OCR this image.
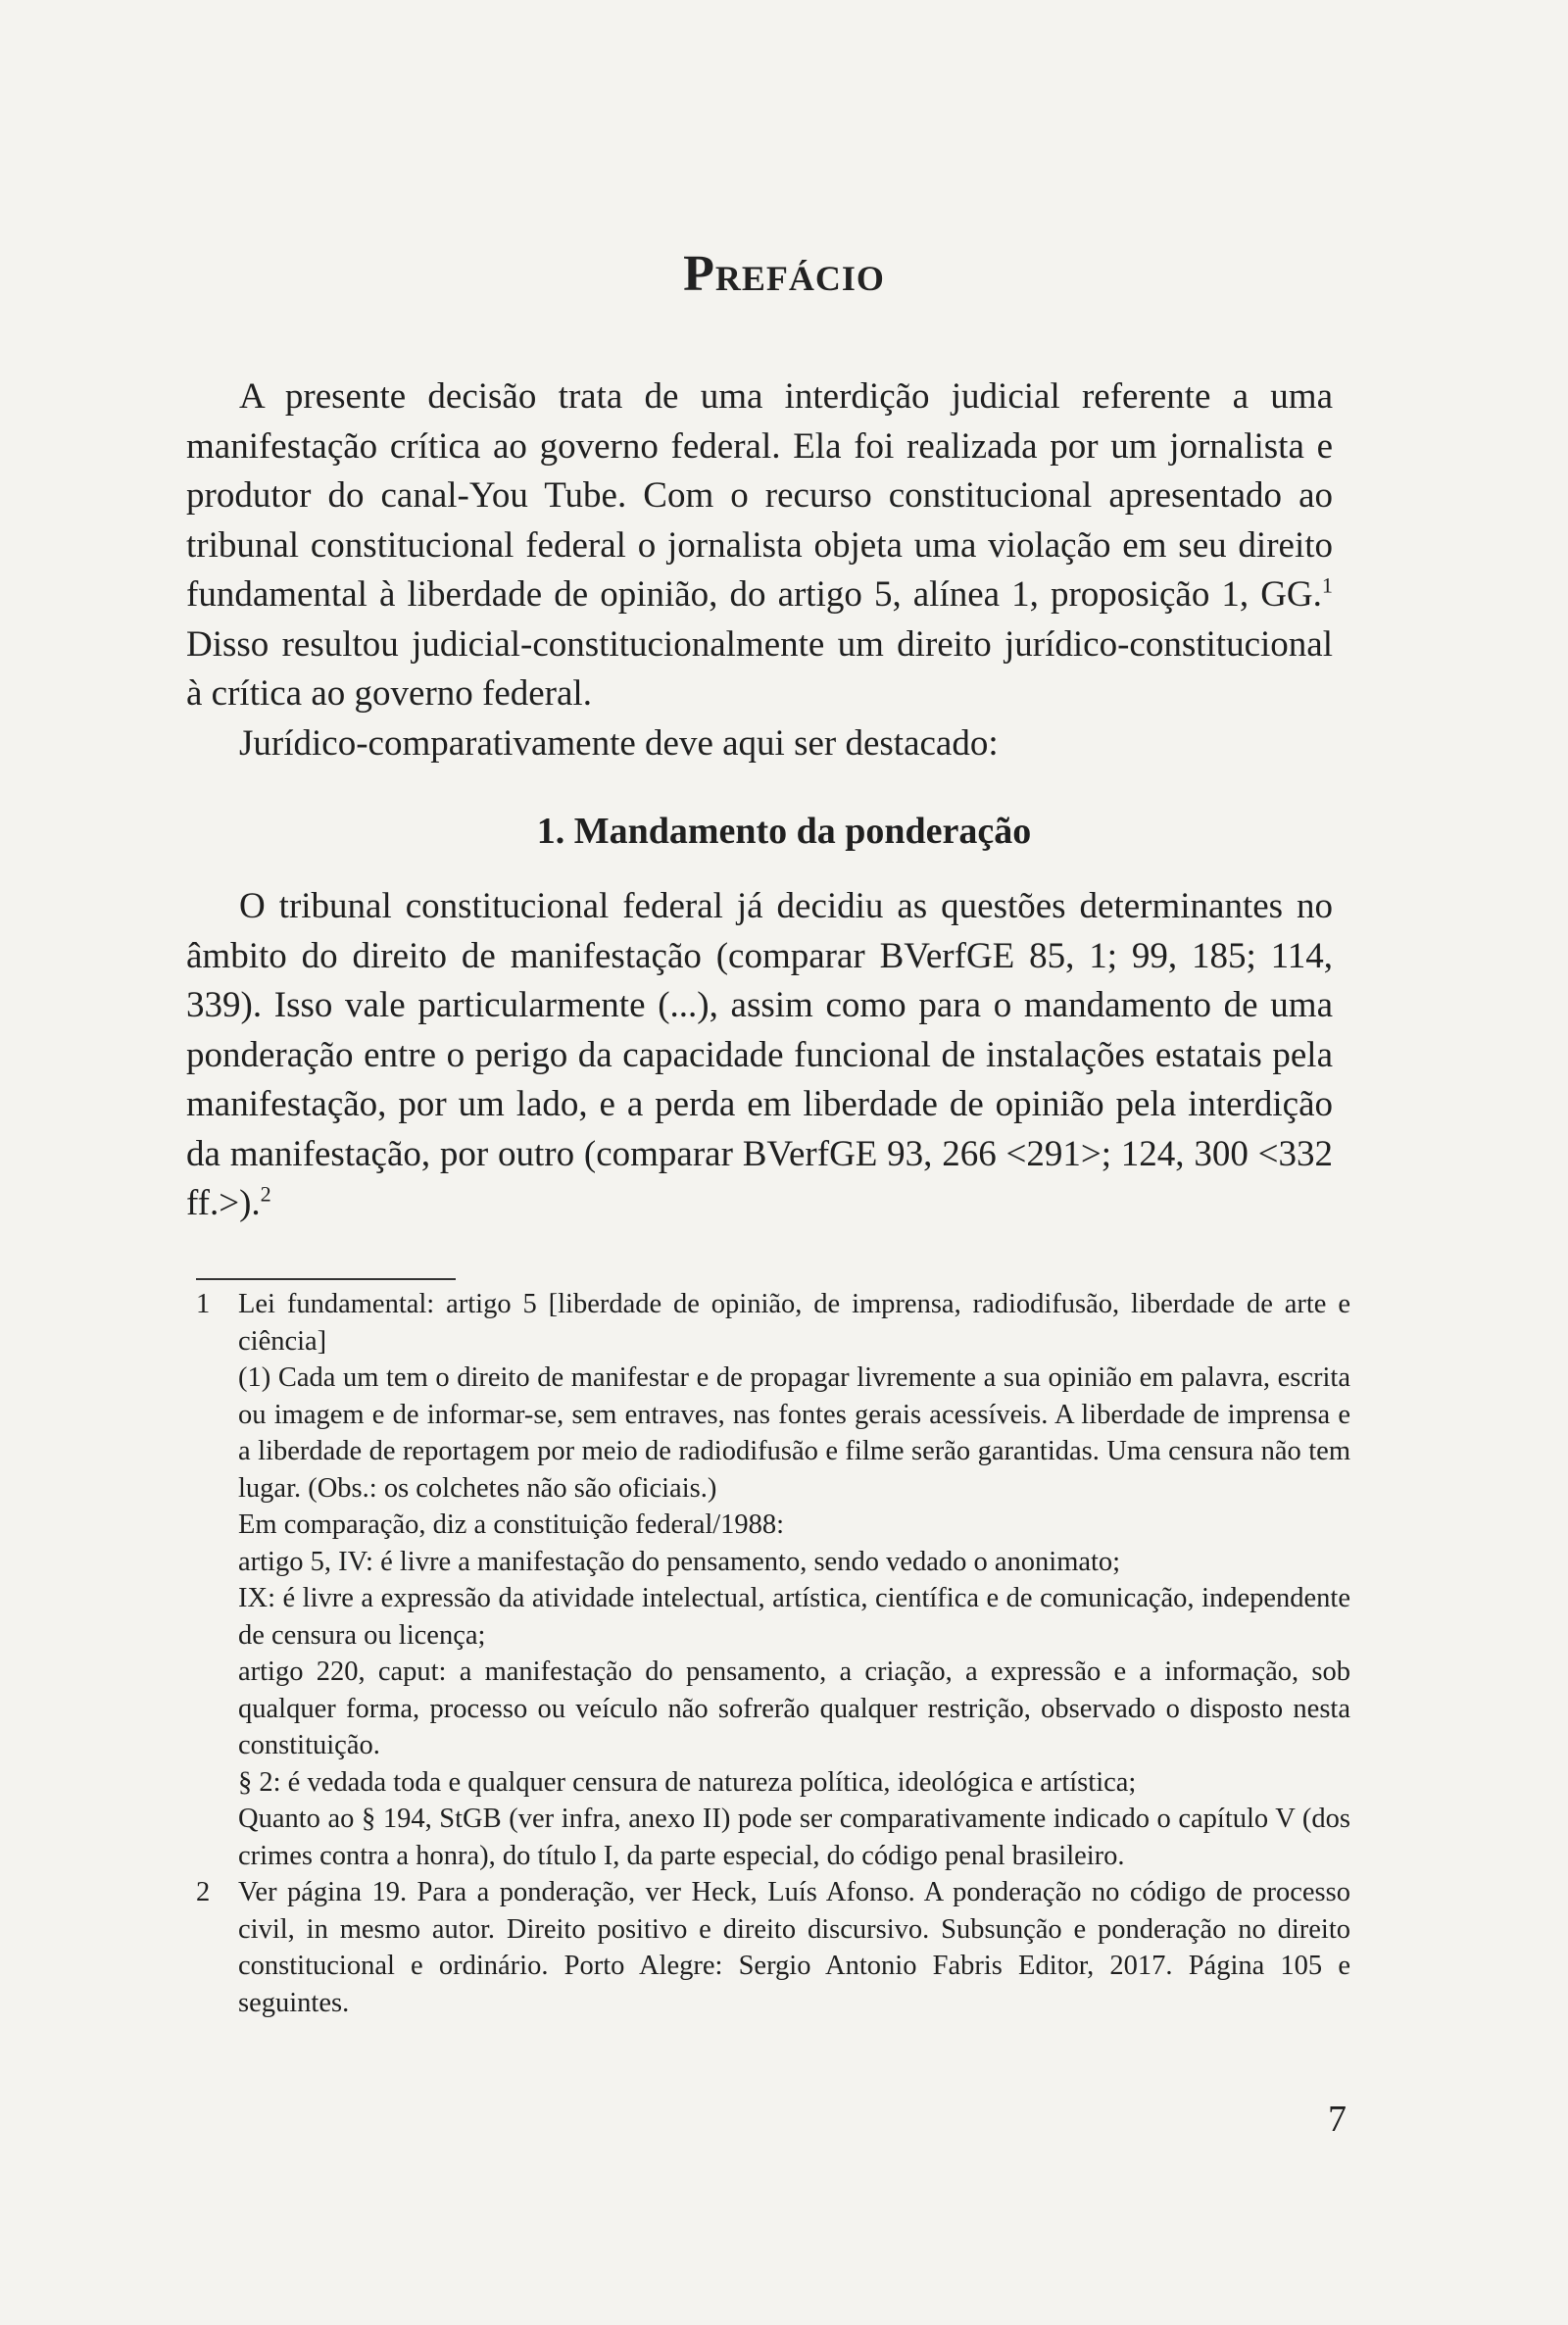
Prefácio

A presente decisão trata de uma interdição judicial referente a uma manifestação crítica ao governo federal. Ela foi realizada por um jornalista e produtor do canal-You Tube. Com o recurso constitucional apresentado ao tribunal constitucional federal o jornalista objeta uma violação em seu direito fundamental à liberdade de opinião, do artigo 5, alínea 1, proposição 1, GG.$^1$ Disso resultou judicial-constitucionalmente um direito jurídico-constitucional à crítica ao governo federal.

Jurídico-comparativamente deve aqui ser destacado:

1. Mandamento da ponderação

O tribunal constitucional federal já decidiu as questões determinantes no âmbito do direito de manifestação (comparar BVerfGE 85, 1; 99, 185; 114, 339). Isso vale particularmente (...), assim como para o mandamento de uma ponderação entre o perigo da capacidade funcional de instalações estatais pela manifestação, por um lado, e a perda em liberdade de opinião pela interdição da manifestação, por outro (comparar BVerfGE 93, 266 <291>; 124, 300 <332 ff.>).$^2$

1 Lei fundamental: artigo 5 [liberdade de opinião, de imprensa, radiodifusão, liberdade de arte e ciência]

(1) Cada um tem o direito de manifestar e de propagar livremente a sua opinião em palavra, escrita ou imagem e de informar-se, sem entraves, nas fontes gerais acessíveis. A liberdade de imprensa e a liberdade de reportagem por meio de radiodifusão e filme serão garantidas. Uma censura não tem lugar. (Obs.: os colchetes não são oficiais.)

Em comparação, diz a constituição federal/1988:

artigo 5, IV: é livre a manifestação do pensamento, sendo vedado o anonimato;

IX: é livre a expressão da atividade intelectual, artística, científica e de comunicação, independente de censura ou licença;

artigo 220, caput: a manifestação do pensamento, a criação, a expressão e a informação, sob qualquer forma, processo ou veículo não sofrerão qualquer restrição, observado o disposto nesta constituição.

§ 2: é vedada toda e qualquer censura de natureza política, ideológica e artística;

Quanto ao § 194, StGB (ver infra, anexo II) pode ser comparativamente indicado o capítulo V (dos crimes contra a honra), do título I, da parte especial, do código penal brasileiro.

2 Ver página 19. Para a ponderação, ver Heck, Luís Afonso. A ponderação no código de processo civil, in mesmo autor. Direito positivo e direito discursivo. Subsunção e ponderação no direito constitucional e ordinário. Porto Alegre: Sergio Antonio Fabris Editor, 2017. Página 105 e seguintes.

7
